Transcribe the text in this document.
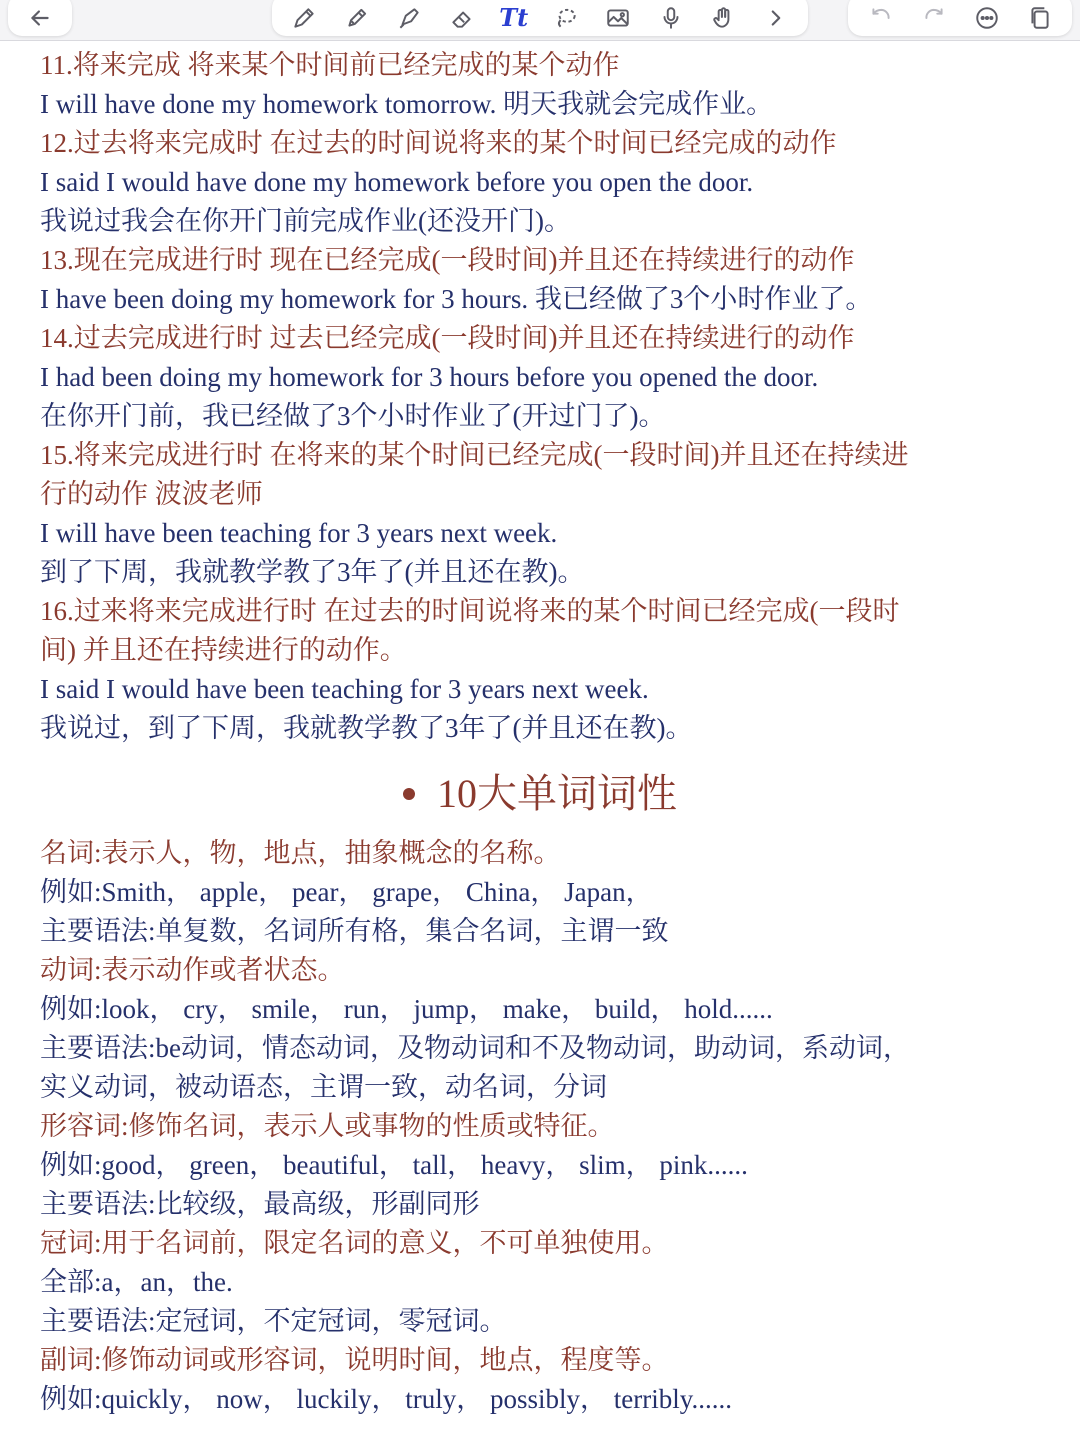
Tt
11.将来完成 将来某个时间前已经完成的某个动作
I will have done my homework tomorrow. 明天我就会完成作业。
12.过去将来完成时 在过去的时间说将来的某个时间已经完成的动作
I said I would have done my homework before you open the door.
我说过我会在你开门前完成作业(还没开门)。
13.现在完成进行时 现在已经完成(一段时间)并且还在持续进行的动作
I have been doing my homework for 3 hours. 我已经做了3个小时作业了。
14.过去完成进行时 过去已经完成(一段时间)并且还在持续进行的动作
I had been doing my homework for 3 hours before you opened the door.
在你开门前，我已经做了3个小时作业了(开过门了)。
15.将来完成进行时 在将来的某个时间已经完成(一段时间)并且还在持续进
行的动作 波波老师
I will have been teaching for 3 years next week.
到了下周，我就教学教了3年了(并且还在教)。
16.过来将来完成进行时 在过去的时间说将来的某个时间已经完成(一段时
间) 并且还在持续进行的动作。
I said I would have been teaching for 3 years next week.
我说过，到了下周，我就教学教了3年了(并且还在教)。
10大单词词性
名词:表示人，物，地点，抽象概念的名称。
例如:Smith， apple， pear， grape， China， Japan，
主要语法:单复数，名词所有格，集合名词，主谓一致
动词:表示动作或者状态。
例如:look， cry， smile， run， jump， make， build， hold......
主要语法:be动词，情态动词，及物动词和不及物动词，助动词，系动词，
实义动词，被动语态，主谓一致，动名词，分词
形容词:修饰名词，表示人或事物的性质或特征。
例如:good， green， beautiful， tall， heavy， slim， pink......
主要语法:比较级，最高级，形副同形
冠词:用于名词前，限定名词的意义，不可单独使用。
全部:a，an，the.
主要语法:定冠词，不定冠词，零冠词。
副词:修饰动词或形容词，说明时间，地点，程度等。
例如:quickly， now， luckily， truly， possibly， terribly......
